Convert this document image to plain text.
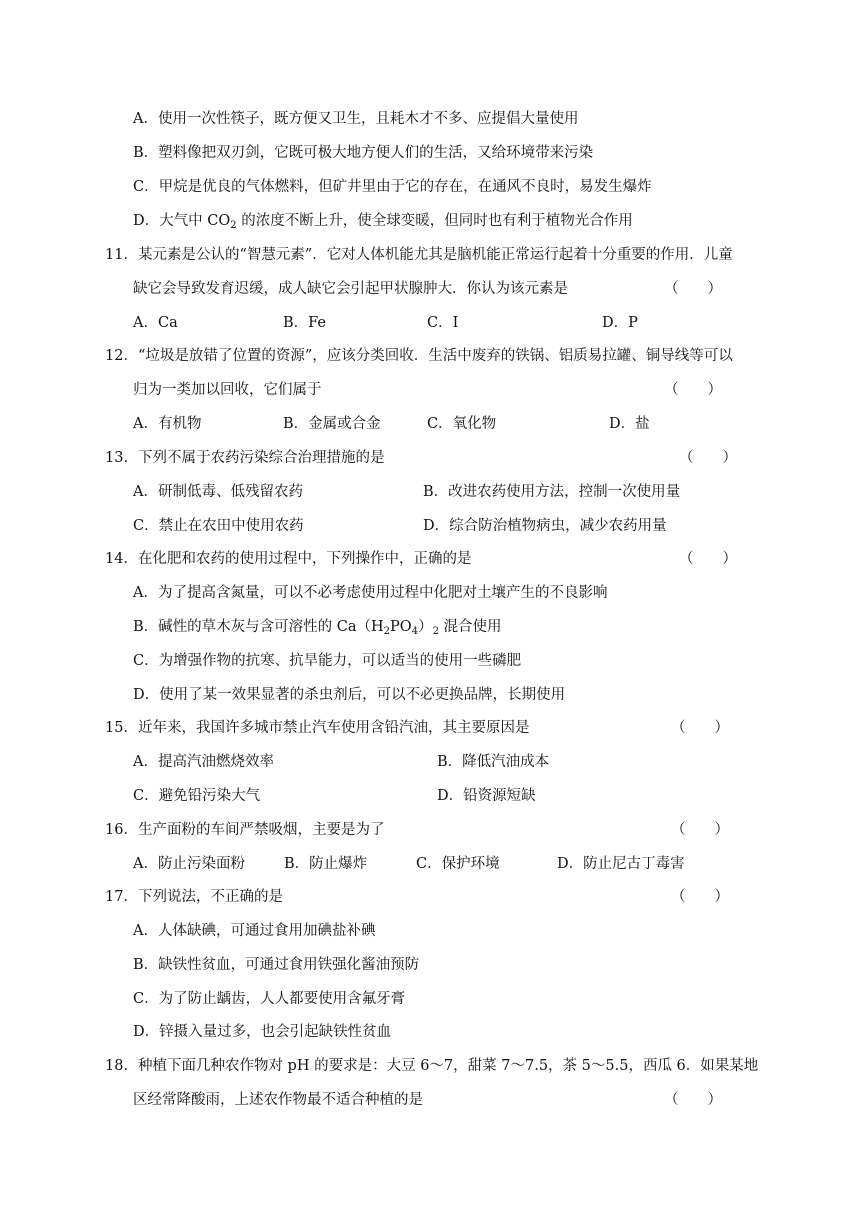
A．使用一次性筷子，既方便又卫生，且耗木才不多、应提倡大量使用
B．塑料像把双刃剑，它既可极大地方便人们的生活，又给环境带来污染
C．甲烷是优良的气体燃料，但矿井里由于它的存在，在通风不良时，易发生爆炸
D．大气中 $CO_2$ 的浓度不断上升，使全球变暖，但同时也有利于植物光合作用
11．某元素是公认的“智慧元素”．它对人体机能尤其是脑机能正常运行起着十分重要的作用．儿童
缺它会导致发育迟缓，成人缺它会引起甲状腺肿大．你认为该元素是	（　　）
A．Ca	B．Fe	C．I	D．P
12．“垃圾是放错了位置的资源”，应该分类回收．生活中废弃的铁锅、铝质易拉罐、铜导线等可以
归为一类加以回收，它们属于	（　　）
A．有机物	B．金属或合金	C．氧化物	D．盐
13．下列不属于农药污染综合治理措施的是	（　　）
A．研制低毒、低残留农药	B．改进农药使用方法，控制一次使用量
C．禁止在农田中使用农药	D．综合防治植物病虫，减少农药用量
14．在化肥和农药的使用过程中，下列操作中，正确的是	（　　）
A．为了提高含氮量，可以不必考虑使用过程中化肥对土壤产生的不良影响
B．碱性的草木灰与含可溶性的 $Ca(H_2PO_4)_2$ 混合使用
C．为增强作物的抗寒、抗旱能力，可以适当的使用一些磷肥
D．使用了某一效果显著的杀虫剂后，可以不必更换品牌，长期使用
15．近年来，我国许多城市禁止汽车使用含铅汽油，其主要原因是	（　　）
A．提高汽油燃烧效率	B．降低汽油成本
C．避免铅污染大气	D．铅资源短缺
16．生产面粉的车间严禁吸烟，主要是为了	（　　）
A．防止污染面粉	B．防止爆炸	C．保护环境	D．防止尼古丁毒害
17．下列说法，不正确的是	（　　）
A．人体缺碘，可通过食用加碘盐补碘
B．缺铁性贫血，可通过食用铁强化酱油预防
C．为了防止龋齿，人人都要使用含氟牙膏
D．锌摄入量过多，也会引起缺铁性贫血
18．种植下面几种农作物对 pH 的要求是：大豆 6～7，甜菜 7～7.5，茶 5～5.5，西瓜 6．如果某地
区经常降酸雨，上述农作物最不适合种植的是	（　　）
